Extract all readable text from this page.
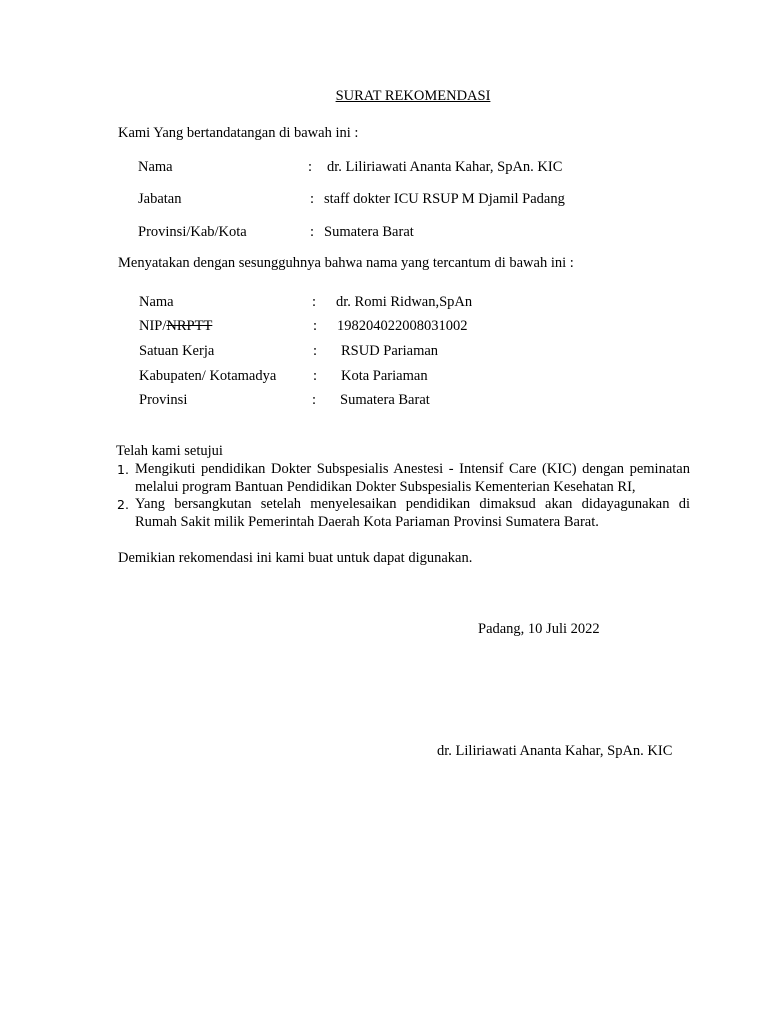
SURAT REKOMENDASI
Kami Yang bertandatangan di bawah ini :
Nama	: dr. Liliriawati Ananta Kahar, SpAn. KIC
Jabatan	: staff dokter ICU RSUP M Djamil Padang
Provinsi/Kab/Kota	: Sumatera Barat
Menyatakan dengan sesungguhnya bahwa nama yang tercantum di bawah ini :
Nama	: dr. Romi Ridwan,SpAn
NIP/NRPTT	: 198204022008031002
Satuan Kerja	: RSUD Pariaman
Kabupaten/ Kotamadya	: Kota Pariaman
Provinsi	: Sumatera Barat
Telah kami setujui
1. Mengikuti pendidikan Dokter Subspesialis Anestesi - Intensif Care (KIC) dengan peminatan melalui program Bantuan Pendidikan Dokter Subspesialis Kementerian Kesehatan RI,
2. Yang bersangkutan setelah menyelesaikan pendidikan dimaksud akan didayagunakan di Rumah Sakit milik Pemerintah Daerah Kota Pariaman Provinsi Sumatera Barat.
Demikian rekomendasi ini kami buat untuk dapat digunakan.
Padang, 10 Juli 2022
dr. Liliriawati Ananta Kahar, SpAn. KIC
